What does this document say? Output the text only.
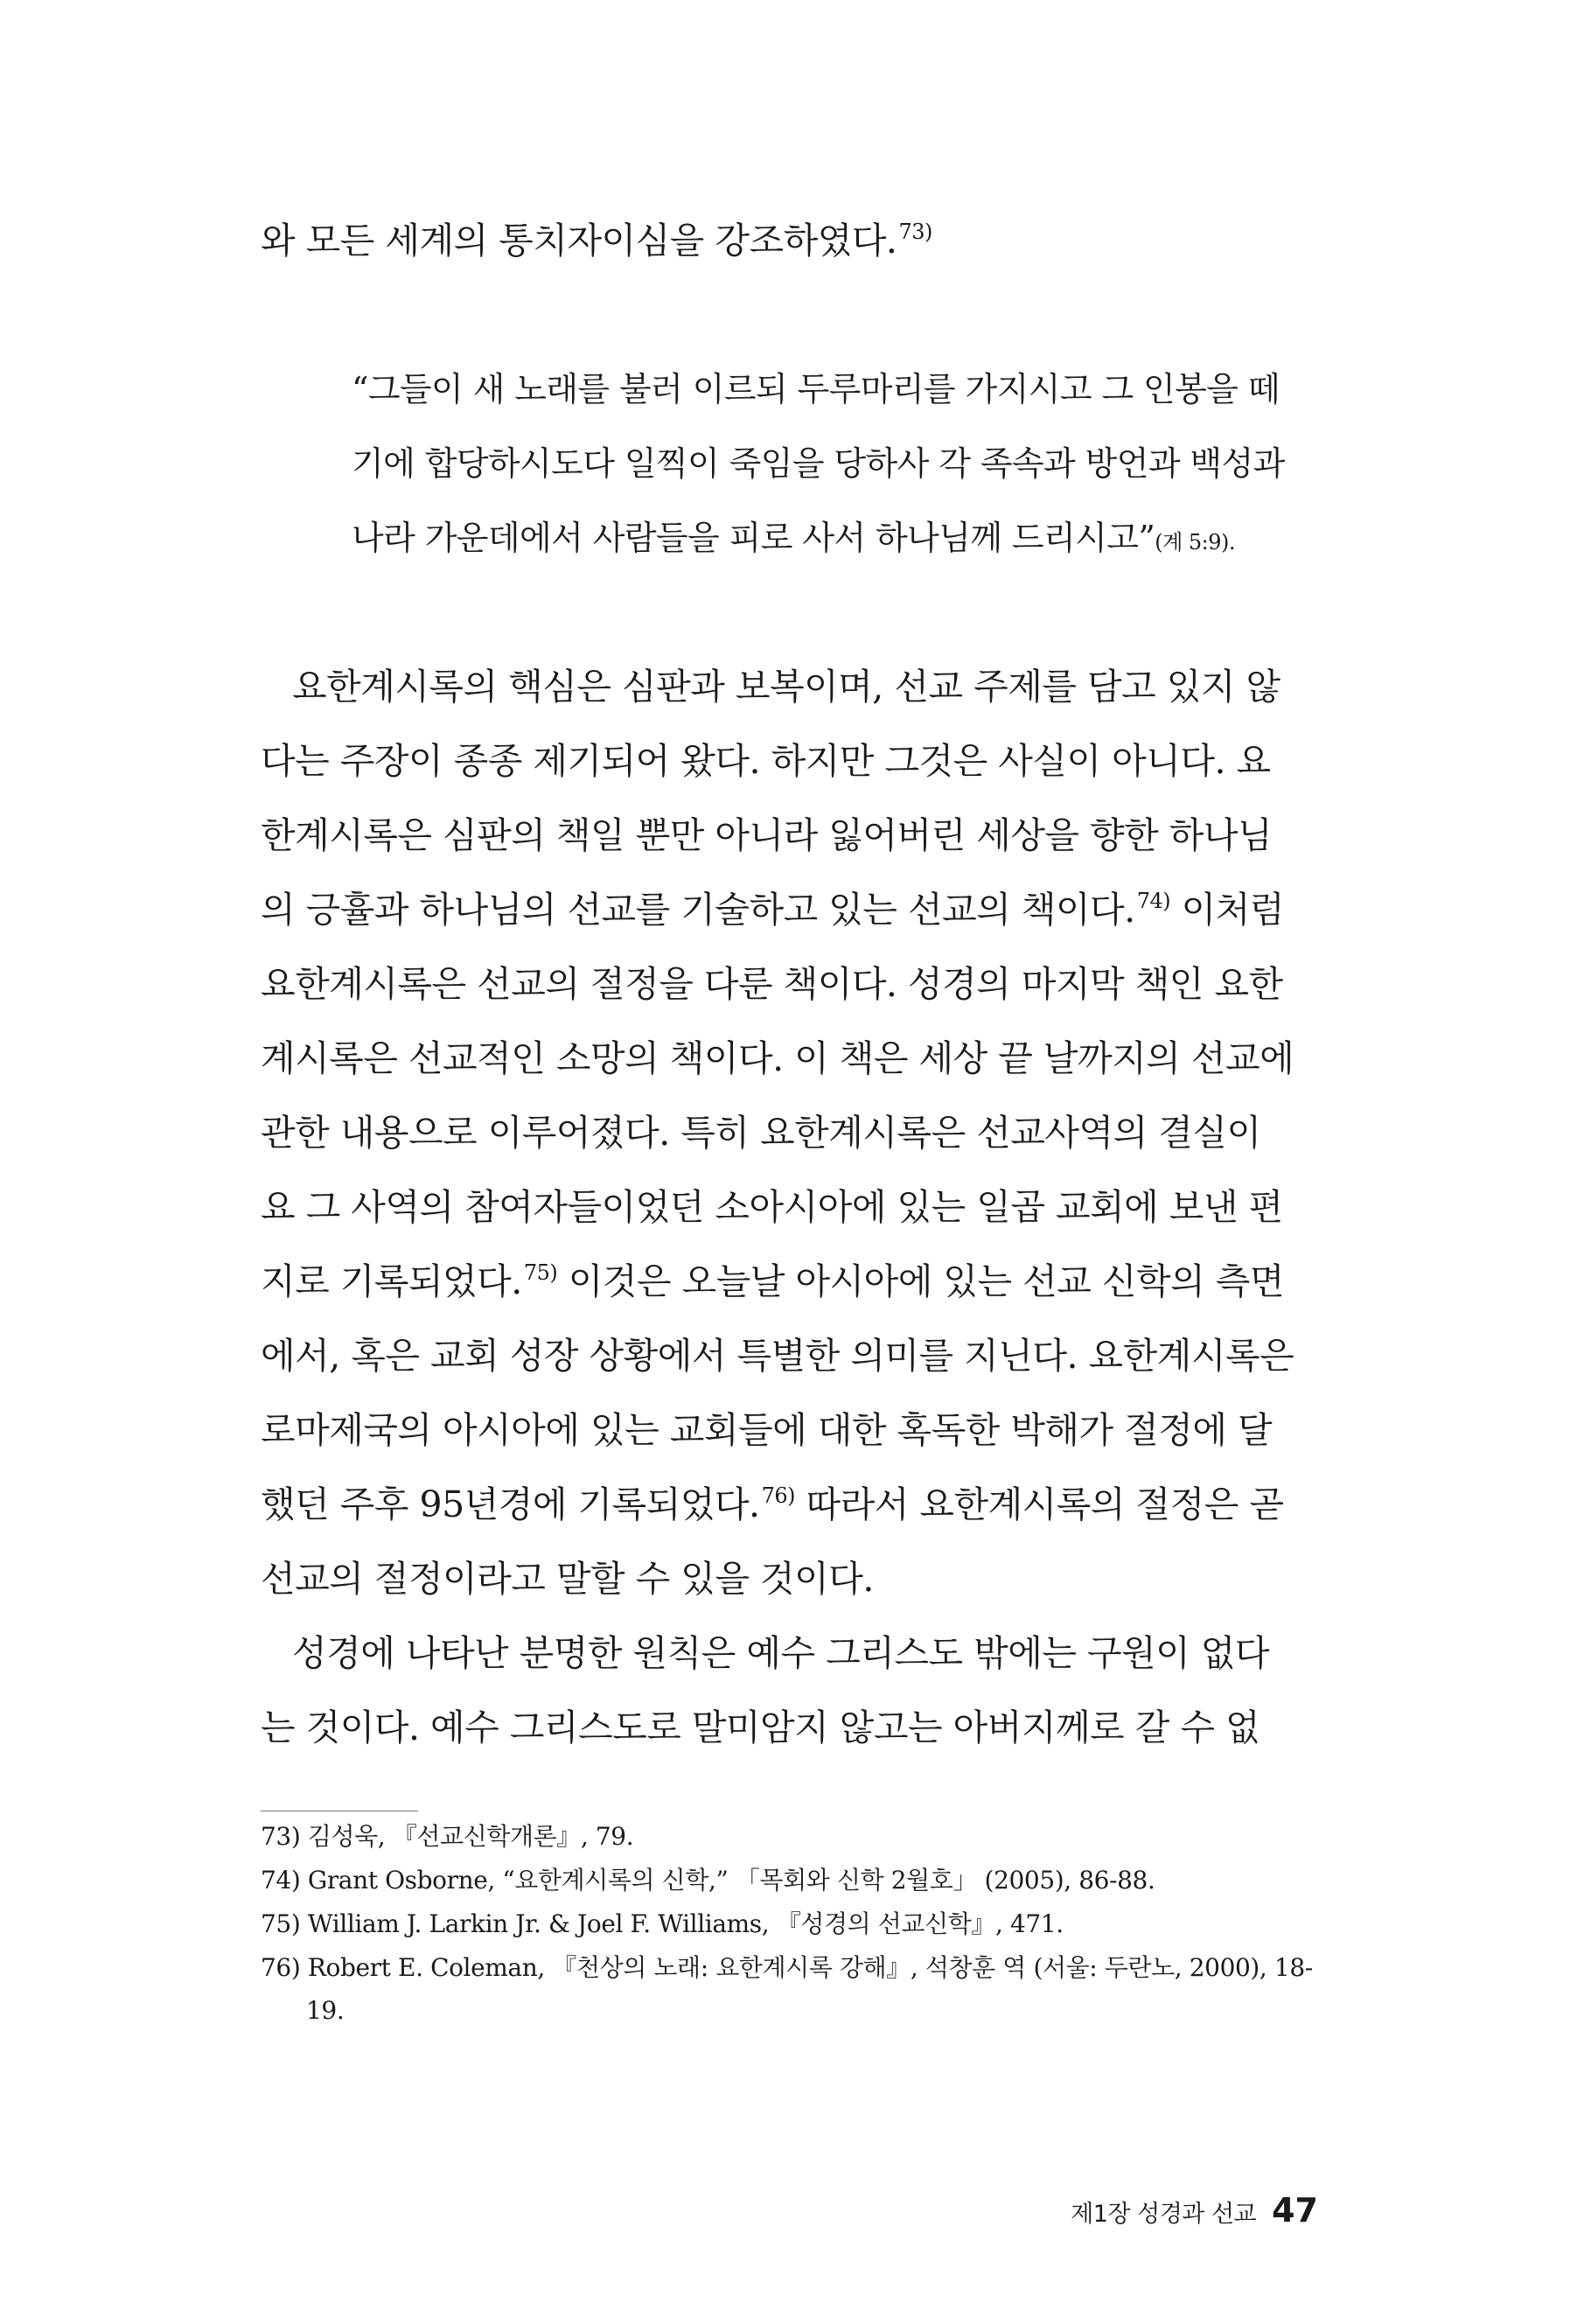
와 모든 세계의 통치자이심을 강조하였다.$^{73)}$
“그들이 새 노래를 불러 이르되 두루마리를 가지시고 그 인봉을 떼
기에 합당하시도다 일찍이 죽임을 당하사 각 족속과 방언과 백성과
나라 가운데에서 사람들을 피로 사서 하나님께 드리시고”(계 5:9).
요한계시록의 핵심은 심판과 보복이며, 선교 주제를 담고 있지 않
다는 주장이 종종 제기되어 왔다. 하지만 그것은 사실이 아니다. 요
한계시록은 심판의 책일 뿐만 아니라 잃어버린 세상을 향한 하나님
의 긍휼과 하나님의 선교를 기술하고 있는 선교의 책이다.$^{74)}$ 이처럼
요한계시록은 선교의 절정을 다룬 책이다. 성경의 마지막 책인 요한
계시록은 선교적인 소망의 책이다. 이 책은 세상 끝 날까지의 선교에
관한 내용으로 이루어졌다. 특히 요한계시록은 선교사역의 결실이
요 그 사역의 참여자들이었던 소아시아에 있는 일곱 교회에 보낸 편
지로 기록되었다.$^{75)}$ 이것은 오늘날 아시아에 있는 선교 신학의 측면
에서, 혹은 교회 성장 상황에서 특별한 의미를 지닌다. 요한계시록은
로마제국의 아시아에 있는 교회들에 대한 혹독한 박해가 절정에 달
했던 주후 95년경에 기록되었다.$^{76)}$ 따라서 요한계시록의 절정은 곧
선교의 절정이라고 말할 수 있을 것이다.
성경에 나타난 분명한 원칙은 예수 그리스도 밖에는 구원이 없다
는 것이다. 예수 그리스도로 말미암지 않고는 아버지께로 갈 수 없
73) 김성욱, 『선교신학개론』, 79.
74) Grant Osborne, “요한계시록의 신학,” 「목회와 신학 2월호」 (2005), 86-88.
75) William J. Larkin Jr. & Joel F. Williams, 『성경의 선교신학』, 471.
76) Robert E. Coleman, 『천상의 노래: 요한계시록 강해』, 석창훈 역 (서울: 두란노, 2000), 18-
19.
제1장 성경과 선교 47
